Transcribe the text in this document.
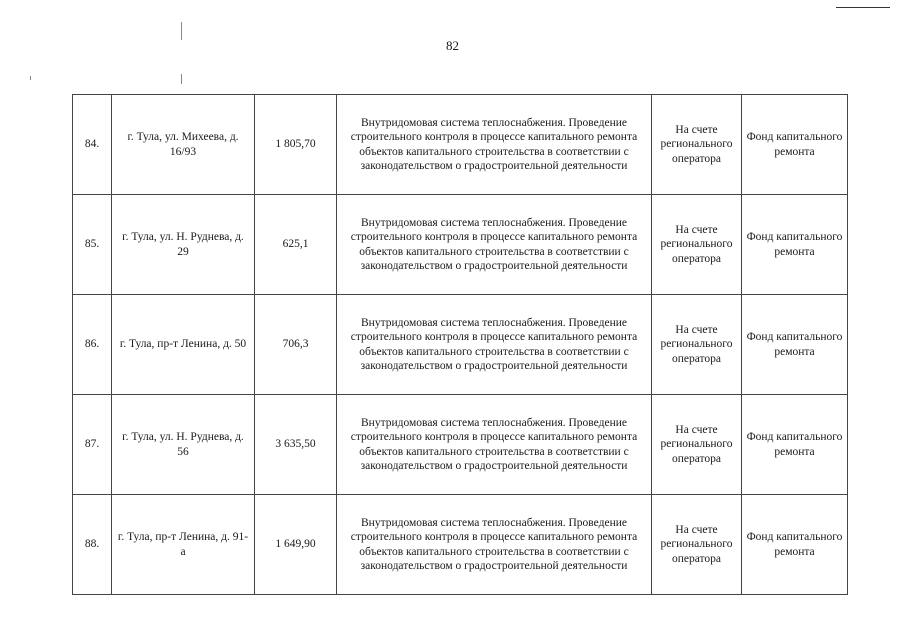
82
84.	г. Тула, ул. Михеева, д. 16/93	1 805,70	Внутридомовая система теплоснабжения. Проведение строительного контроля в процессе капитального ремонта объектов капитального строительства в соответствии с законодательством о градостроительной деятельности	На счете регионального оператора	Фонд капитального ремонта
85.	г. Тула, ул. Н. Руднева, д. 29	625,1	Внутридомовая система теплоснабжения. Проведение строительного контроля в процессе капитального ремонта объектов капитального строительства в соответствии с законодательством о градостроительной деятельности	На счете регионального оператора	Фонд капитального ремонта
86.	г. Тула, пр-т Ленина, д. 50	706,3	Внутридомовая система теплоснабжения. Проведение строительного контроля в процессе капитального ремонта объектов капитального строительства в соответствии с законодательством о градостроительной деятельности	На счете регионального оператора	Фонд капитального ремонта
87.	г. Тула, ул. Н. Руднева, д. 56	3 635,50	Внутридомовая система теплоснабжения. Проведение строительного контроля в процессе капитального ремонта объектов капитального строительства в соответствии с законодательством о градостроительной деятельности	На счете регионального оператора	Фонд капитального ремонта
88.	г. Тула, пр-т Ленина, д. 91-а	1 649,90	Внутридомовая система теплоснабжения. Проведение строительного контроля в процессе капитального ремонта объектов капитального строительства в соответствии с законодательством о градостроительной деятельности	На счете регионального оператора	Фонд капитального ремонта
